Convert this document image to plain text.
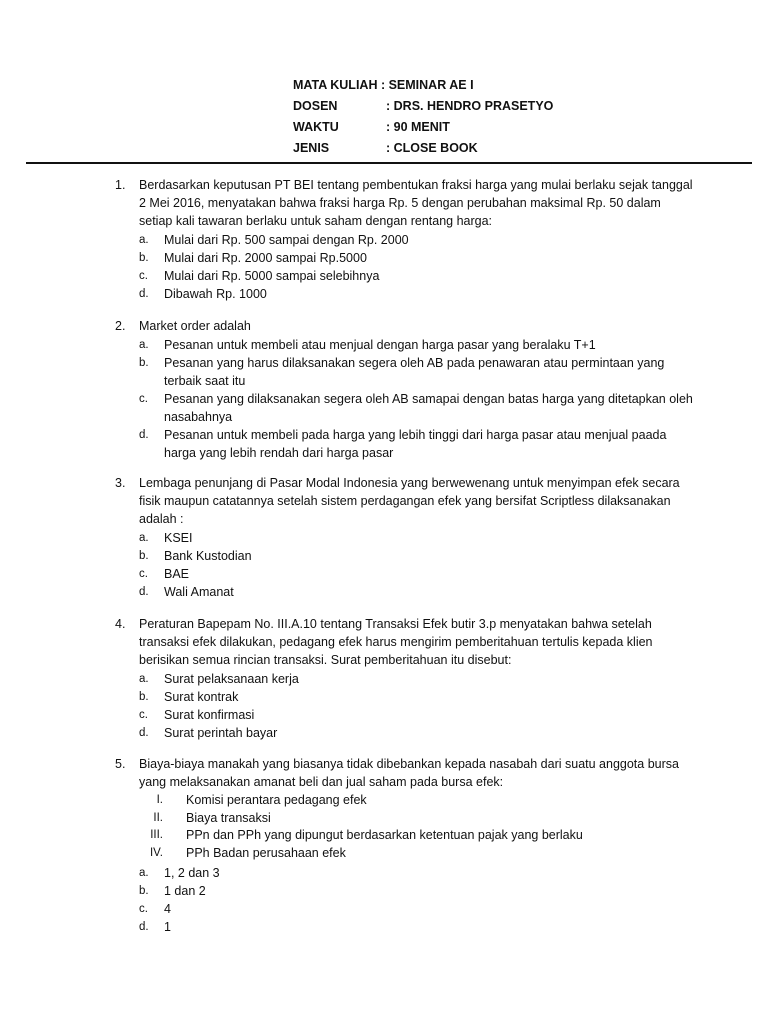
MATA KULIAH : SEMINAR AE I
DOSEN	: DRS. HENDRO PRASETYO
WAKTU	: 90 MENIT
JENIS	: CLOSE BOOK
1. Berdasarkan keputusan PT BEI tentang pembentukan fraksi harga yang mulai berlaku sejak tanggal 2 Mei 2016, menyatakan bahwa fraksi harga Rp. 5 dengan perubahan maksimal Rp. 50 dalam setiap kali tawaran berlaku untuk saham dengan rentang harga:
a. Mulai dari Rp. 500 sampai dengan Rp. 2000
b. Mulai dari Rp. 2000 sampai Rp.5000
c. Mulai dari Rp. 5000 sampai selebihnya
d. Dibawah Rp. 1000
2. Market order adalah
a. Pesanan untuk membeli atau menjual dengan harga pasar yang beralaku T+1
b. Pesanan yang harus dilaksanakan segera oleh AB pada penawaran atau permintaan yang terbaik saat itu
c. Pesanan yang dilaksanakan segera oleh AB samapai dengan batas harga yang ditetapkan oleh nasabahnya
d. Pesanan untuk membeli pada harga yang lebih tinggi dari harga pasar atau menjual paada harga yang lebih rendah dari harga pasar
3. Lembaga penunjang di Pasar Modal Indonesia yang berwewenang untuk menyimpan efek secara fisik maupun catatannya setelah sistem perdagangan efek yang bersifat Scriptless dilaksanakan adalah :
a. KSEI
b. Bank Kustodian
c. BAE
d. Wali Amanat
4. Peraturan Bapepam No. III.A.10 tentang Transaksi Efek butir 3.p menyatakan bahwa setelah transaksi efek dilakukan, pedagang efek harus mengirim pemberitahuan tertulis kepada klien berisikan semua rincian transaksi. Surat pemberitahuan itu disebut:
a. Surat pelaksanaan kerja
b. Surat kontrak
c. Surat konfirmasi
d. Surat perintah bayar
5. Biaya-biaya manakah yang biasanya tidak dibebankan kepada nasabah dari suatu anggota bursa yang melaksanakan amanat beli dan jual saham pada bursa efek:
I. Komisi perantara pedagang efek
II. Biaya transaksi
III. PPn dan PPh yang dipungut berdasarkan ketentuan pajak yang berlaku
IV. PPh Badan perusahaan efek
a. 1, 2 dan 3
b. 1 dan 2
c. 4
d. 1
